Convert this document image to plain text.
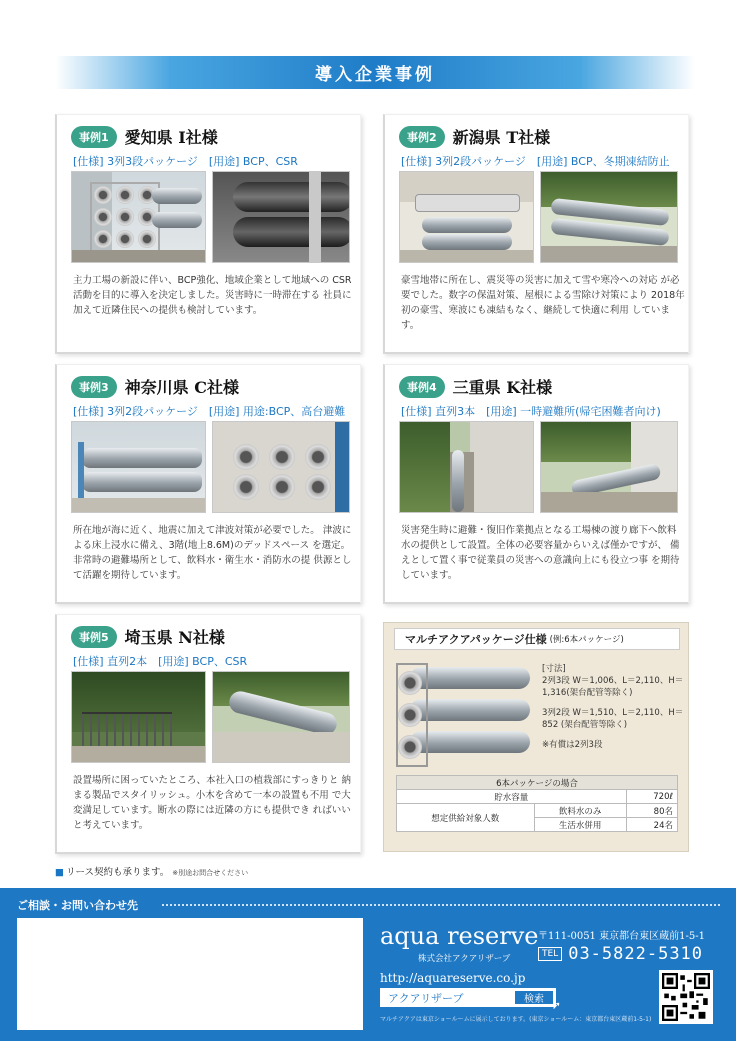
導入企業事例
事例1	愛知県 I社様
[仕様] 3列3段パッケージ　[用途] BCP、CSR
主力工場の新設に伴い、BCP強化、地域企業として地域への CSR活動を目的に導入を決定しました。災害時に一時滞在する 社員に加えて近隣住民への提供も検討しています。
事例2	新潟県 T社様
[仕様] 3列2段パッケージ　[用途] BCP、冬期凍結防止
豪雪地帯に所在し、震災等の災害に加えて雪や寒冷への対応 が必要でした。数字の保温対策、屋根による雪除け対策により 2018年初の豪雪、寒波にも凍結もなく、継続して快適に利用 しています。
事例3	神奈川県 C社様
[仕様] 3列2段パッケージ　[用途] 用途:BCP、高台避難
所在地が海に近く、地震に加えて津波対策が必要でした。 津波による床上浸水に備え、3階(地上8.6M)のデッドスペース を選定。非常時の避難場所として、飲料水・衛生水・消防水の提 供源として活躍を期待しています。
事例4	三重県 K社様
[仕様] 直列3本　[用途] 一時避難所(帰宅困難者向け)
災害発生時に避難・復旧作業拠点となる工場棟の渡り廊下へ飲料 水の提供として設置。全体の必要容量からいえば僅かですが、 備えとして置く事で従業員の災害への意識向上にも役立つ事 を期待しています。
事例5	埼玉県 N社様
[仕様] 直列2本　[用途] BCP、CSR
設置場所に困っていたところ、本社入口の植栽部にすっきりと 納まる製品でスタイリッシュ。小木を含めて一本の設置も不用 で大変満足しています。断水の際には近隣の方にも提供でき ればいいと考えています。
マルチアクアパッケージ仕様 (例:6本パッケージ)
[寸法]
2列3段 W＝1,006、L＝2,110、H＝1,316(架台配管等除く)
3列2段 W＝1,510、L＝2,110、H＝852 (架台配管等除く)
※有償は2列3段
6本パッケージの場合		
貯水容量		720ℓ
想定供給対象人数	飲料水のみ	80名
	生活水併用	24名
■ リース契約も承ります。 ※別途お問合せください
ご相談・お問い合わせ先
aqua reserve
株式会社アクアリザーブ
〒111-0051 東京都台東区蔵前1-5-1
TEL 03-5822-5310
http://aquareserve.co.jp
アクアリザーブ	検索 ➚
マルチアクアは東京ショールームに展示しております。(東京ショールーム：東京都台東区蔵前1-5-1)
